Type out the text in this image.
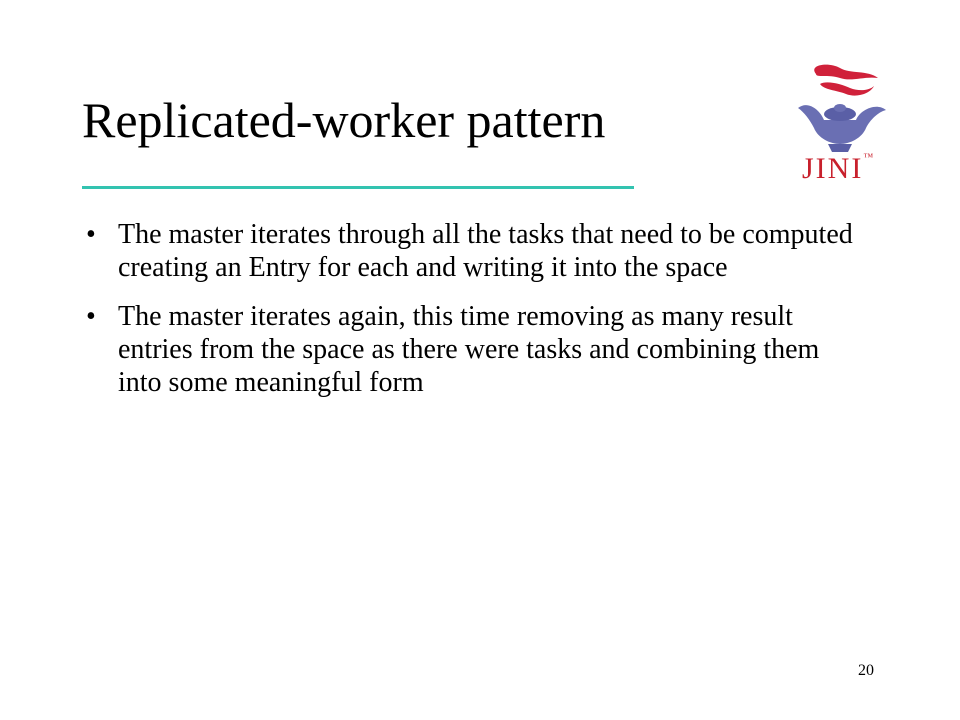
Replicated-worker pattern
JINI™
• The master iterates through all the tasks that need to be computed creating an Entry for each and writing it into the space
• The master iterates again, this time removing as many result entries from the space as there were tasks and combining them into some meaningful form
20
